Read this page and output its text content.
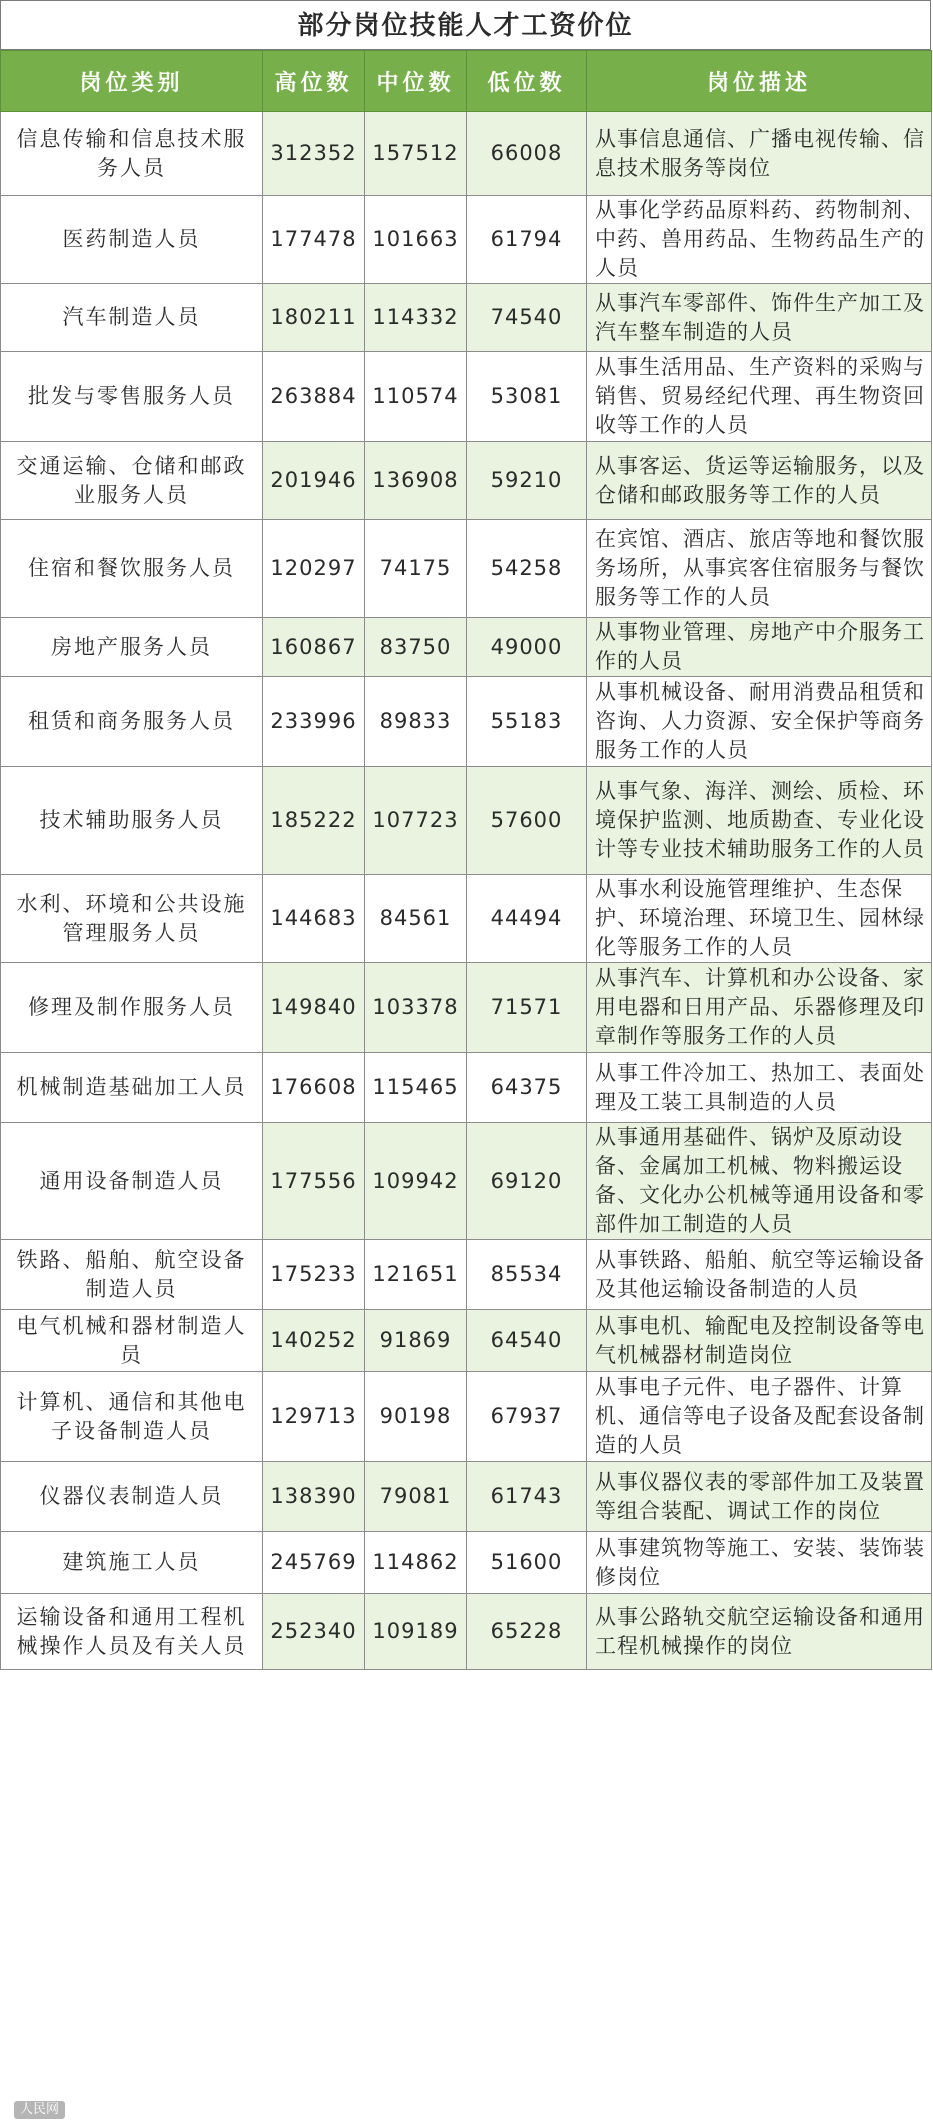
部分岗位技能人才工资价位
岗位类别	高位数	中位数	低位数	岗位描述
信息传输和信息技术服务人员	312352	157512	66008	从事信息通信、广播电视传输、信息技术服务等岗位
医药制造人员	177478	101663	61794	从事化学药品原料药、药物制剂、中药、兽用药品、生物药品生产的人员
汽车制造人员	180211	114332	74540	从事汽车零部件、饰件生产加工及汽车整车制造的人员
批发与零售服务人员	263884	110574	53081	从事生活用品、生产资料的采购与销售、贸易经纪代理、再生物资回收等工作的人员
交通运输、仓储和邮政业服务人员	201946	136908	59210	从事客运、货运等运输服务，以及仓储和邮政服务等工作的人员
住宿和餐饮服务人员	120297	74175	54258	在宾馆、酒店、旅店等地和餐饮服务场所，从事宾客住宿服务与餐饮服务等工作的人员
房地产服务人员	160867	83750	49000	从事物业管理、房地产中介服务工作的人员
租赁和商务服务人员	233996	89833	55183	从事机械设备、耐用消费品租赁和咨询、人力资源、安全保护等商务服务工作的人员
技术辅助服务人员	185222	107723	57600	从事气象、海洋、测绘、质检、环境保护监测、地质勘查、专业化设计等专业技术辅助服务工作的人员
水利、环境和公共设施管理服务人员	144683	84561	44494	从事水利设施管理维护、生态保护、环境治理、环境卫生、园林绿化等服务工作的人员
修理及制作服务人员	149840	103378	71571	从事汽车、计算机和办公设备、家用电器和日用产品、乐器修理及印章制作等服务工作的人员
机械制造基础加工人员	176608	115465	64375	从事工件冷加工、热加工、表面处理及工装工具制造的人员
通用设备制造人员	177556	109942	69120	从事通用基础件、锅炉及原动设备、金属加工机械、物料搬运设备、文化办公机械等通用设备和零部件加工制造的人员
铁路、船舶、航空设备制造人员	175233	121651	85534	从事铁路、船舶、航空等运输设备及其他运输设备制造的人员
电气机械和器材制造人员	140252	91869	64540	从事电机、输配电及控制设备等电气机械器材制造岗位
计算机、通信和其他电子设备制造人员	129713	90198	67937	从事电子元件、电子器件、计算机、通信等电子设备及配套设备制造的人员
仪器仪表制造人员	138390	79081	61743	从事仪器仪表的零部件加工及装置等组合装配、调试工作的岗位
建筑施工人员	245769	114862	51600	从事建筑物等施工、安装、装饰装修岗位
运输设备和通用工程机械操作人员及有关人员	252340	109189	65228	从事公路轨交航空运输设备和通用工程机械操作的岗位
人民网
